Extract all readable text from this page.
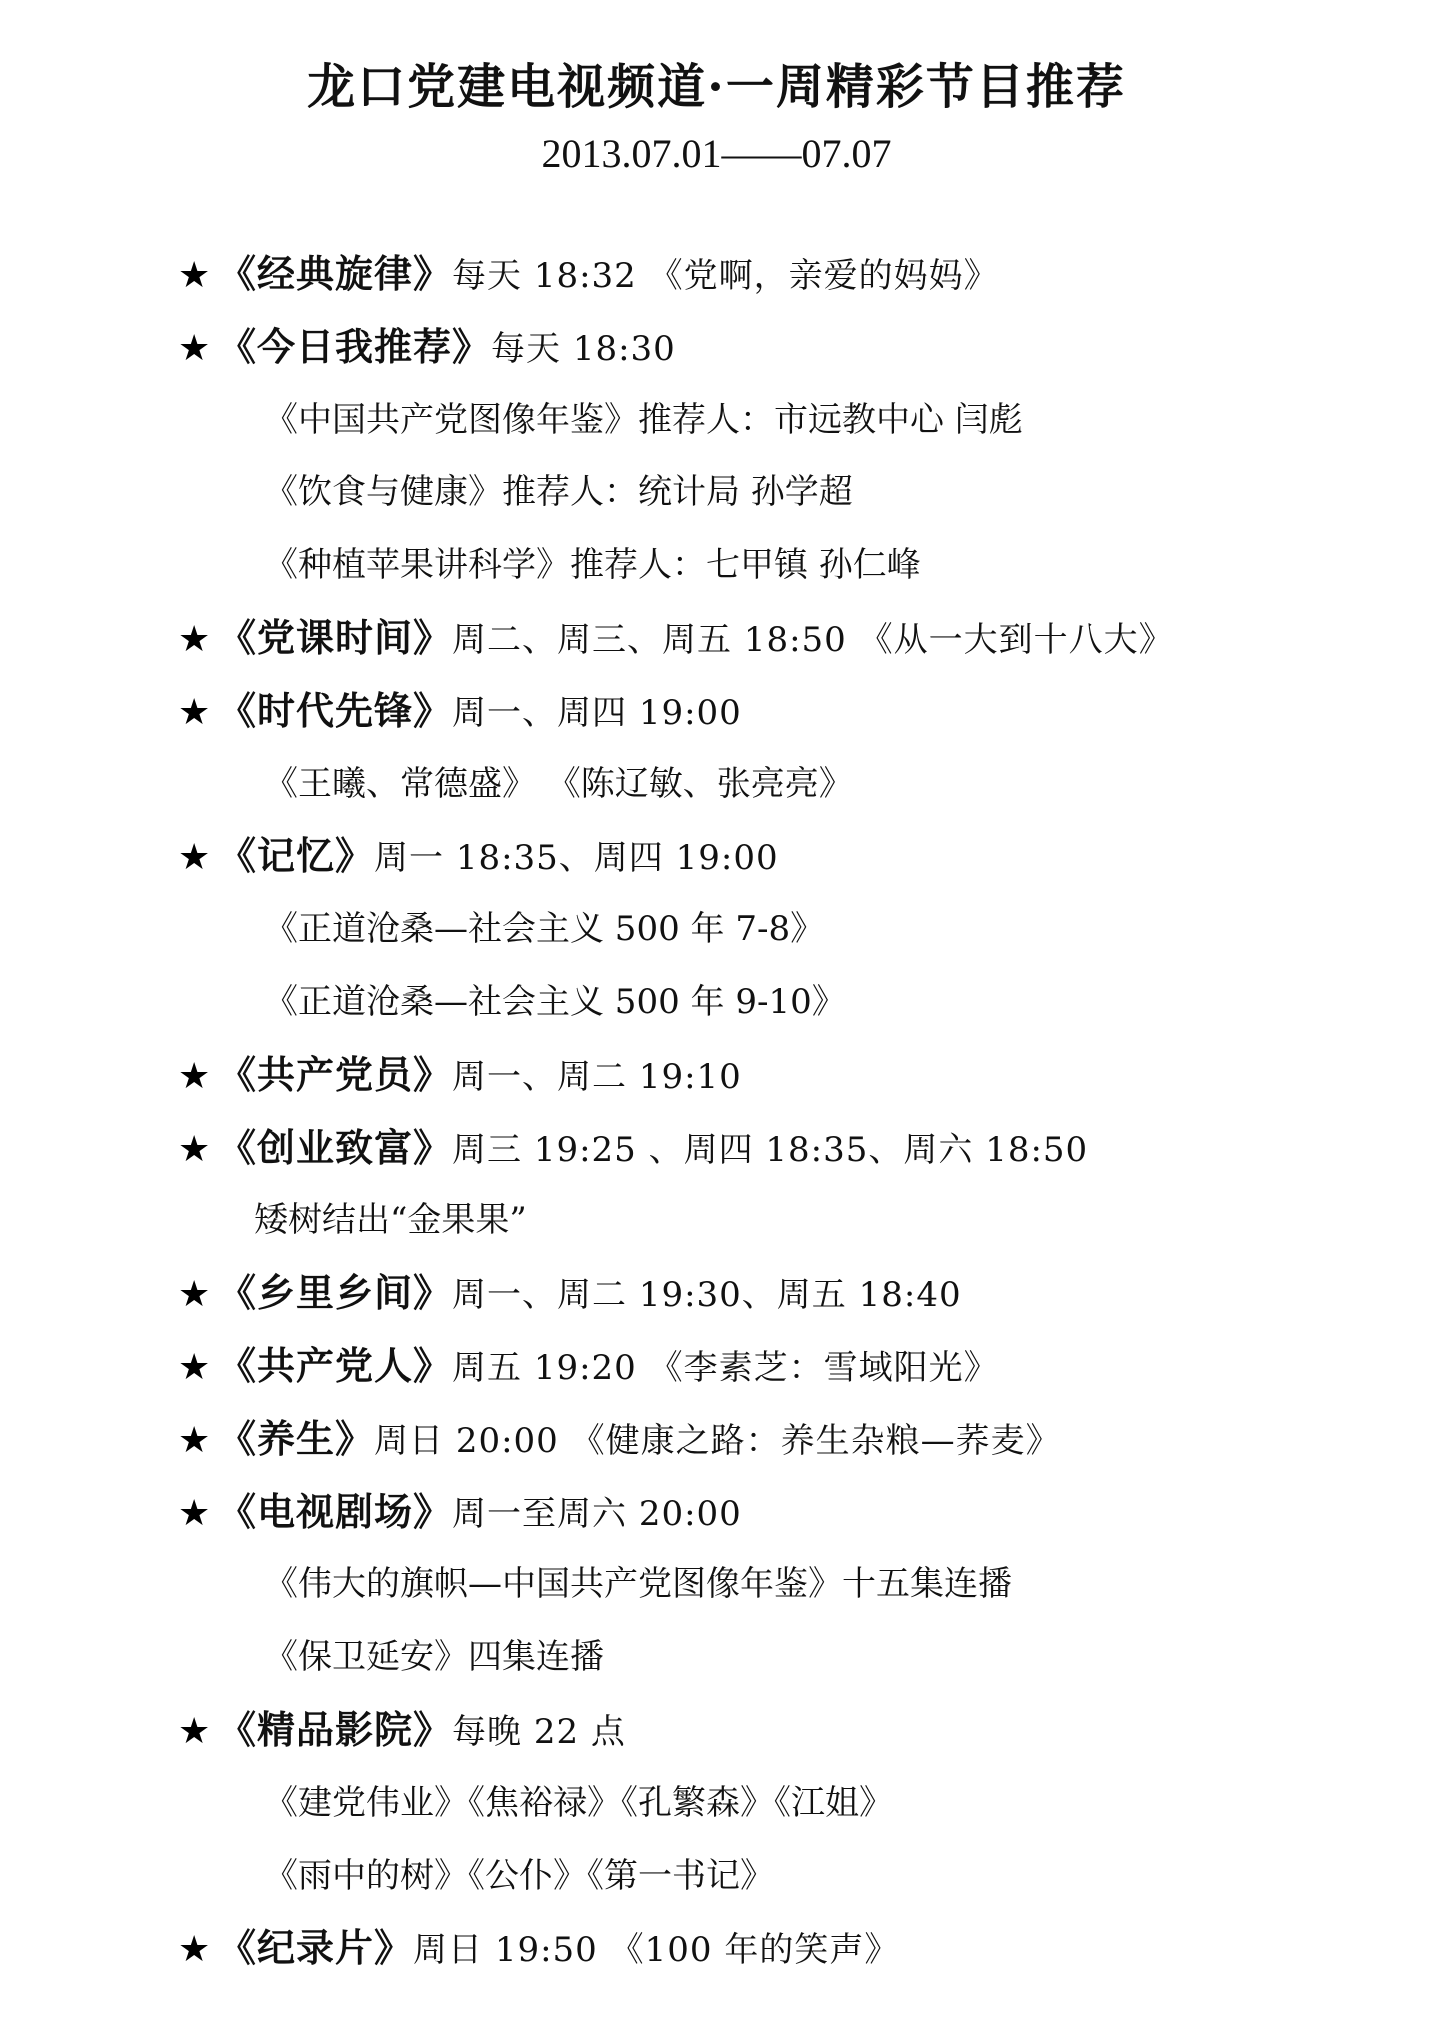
龙口党建电视频道·一周精彩节目推荐
2013.07.01——07.07
★ 《经典旋律》每天 18:32 《党啊，亲爱的妈妈》
★ 《今日我推荐》每天 18:30
《中国共产党图像年鉴》推荐人：市远教中心 闫彪
《饮食与健康》推荐人：统计局 孙学超
《种植苹果讲科学》推荐人：七甲镇 孙仁峰
★ 《党课时间》周二、周三、周五 18:50 《从一大到十八大》
★ 《时代先锋》周一、周四 19:00
《王曦、常德盛》 《陈辽敏、张亮亮》
★ 《记忆》周一 18:35、周四 19:00
《正道沧桑—社会主义 500 年 7-8》
《正道沧桑—社会主义 500 年 9-10》
★ 《共产党员》周一、周二 19:10
★ 《创业致富》周三 19:25 、周四 18:35、周六 18:50
矮树结出“金果果”
★ 《乡里乡间》周一、周二 19:30、周五 18:40
★ 《共产党人》周五 19:20 《李素芝：雪域阳光》
★ 《养生》周日 20:00 《健康之路：养生杂粮—荞麦》
★ 《电视剧场》周一至周六 20:00
《伟大的旗帜—中国共产党图像年鉴》十五集连播
《保卫延安》四集连播
★ 《精品影院》每晚 22 点
《建党伟业》《焦裕禄》《孔繁森》《江姐》
《雨中的树》《公仆》《第一书记》
★ 《纪录片》周日 19:50 《100 年的笑声》
